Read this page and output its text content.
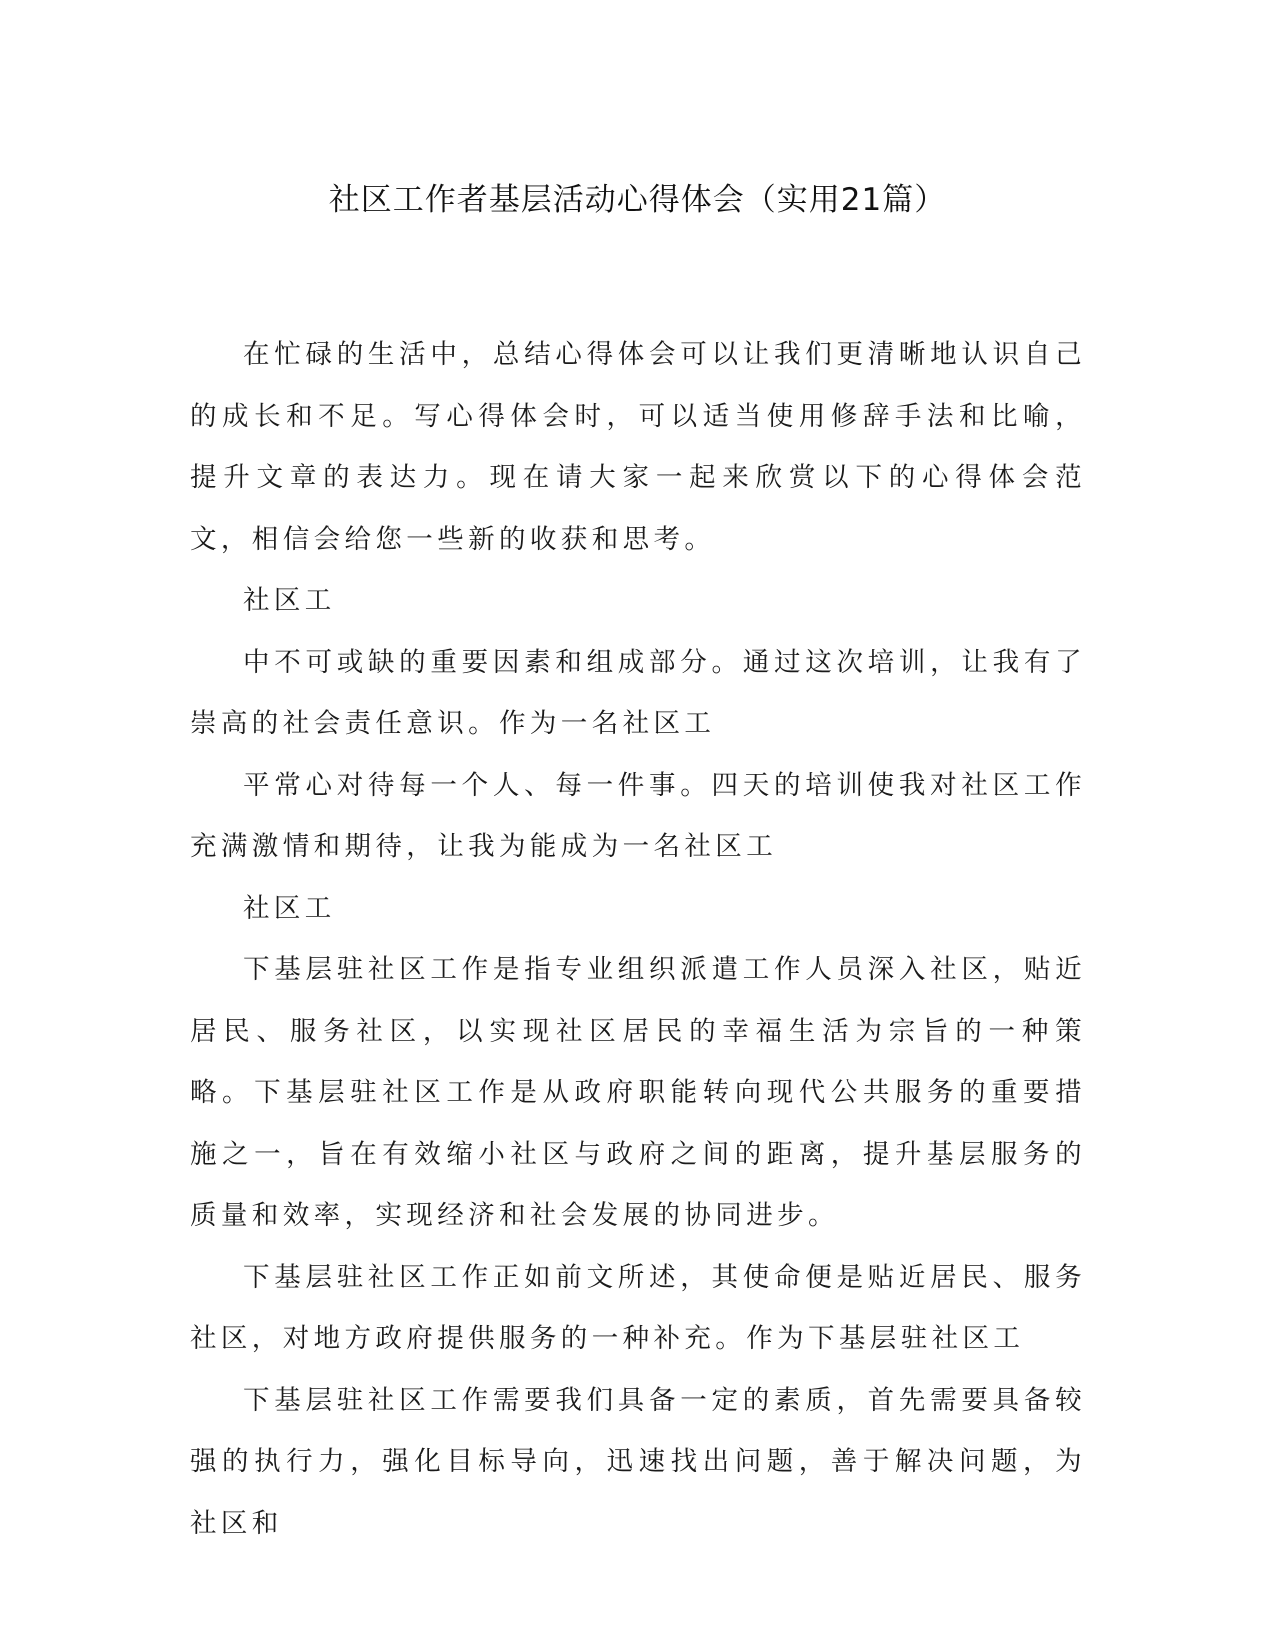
社区工作者基层活动心得体会（实用21篇）

在忙碌的生活中，总结心得体会可以让我们更清晰地认识自己的成长和不足。写心得体会时，可以适当使用修辞手法和比喻，提升文章的表达力。现在请大家一起来欣赏以下的心得体会范文，相信会给您一些新的收获和思考。

社区工

中不可或缺的重要因素和组成部分。通过这次培训，让我有了崇高的社会责任意识。作为一名社区工

平常心对待每一个人、每一件事。四天的培训使我对社区工作充满激情和期待，让我为能成为一名社区工

社区工

下基层驻社区工作是指专业组织派遣工作人员深入社区，贴近居民、服务社区，以实现社区居民的幸福生活为宗旨的一种策略。下基层驻社区工作是从政府职能转向现代公共服务的重要措施之一，旨在有效缩小社区与政府之间的距离，提升基层服务的质量和效率，实现经济和社会发展的协同进步。

下基层驻社区工作正如前文所述，其使命便是贴近居民、服务社区，对地方政府提供服务的一种补充。作为下基层驻社区工

下基层驻社区工作需要我们具备一定的素质，首先需要具备较强的执行力，强化目标导向，迅速找出问题，善于解决问题，为社区和
